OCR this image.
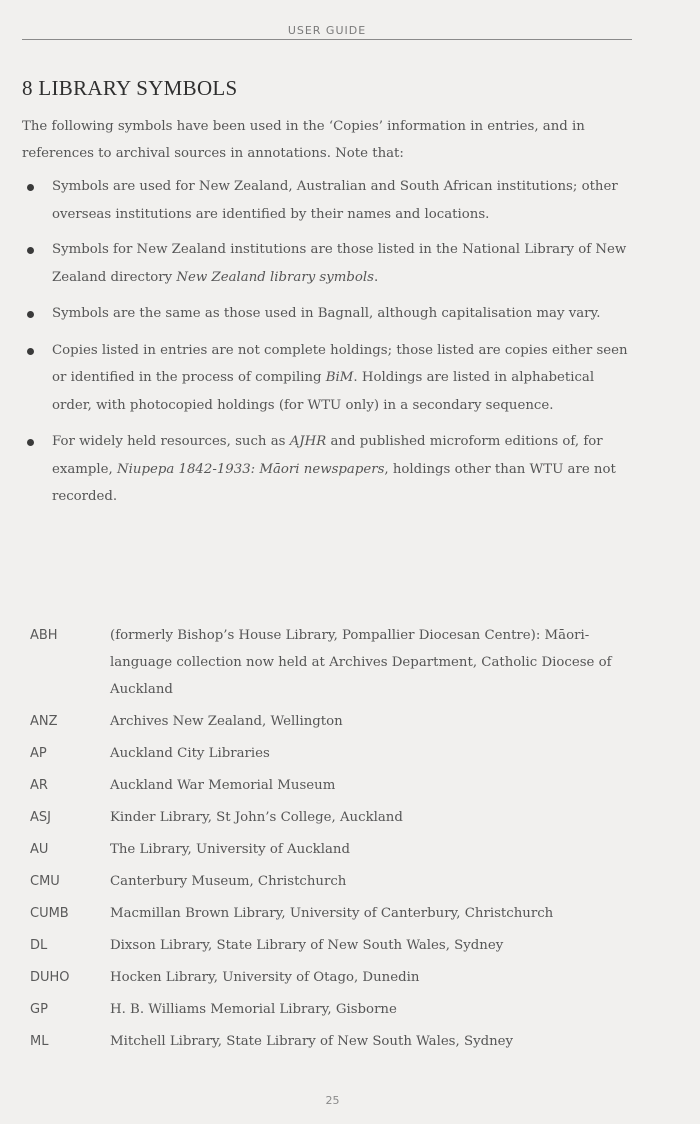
USER GUIDE
8 LIBRARY SYMBOLS

The following symbols have been used in the ‘Copies’ information in entries, and in references to archival sources in annotations. Note that:

Symbols are used for New Zealand, Australian and South African institutions; other overseas institutions are identified by their names and locations.
Symbols for New Zealand institutions are those listed in the National Library of New Zealand directory New Zealand library symbols.
Symbols are the same as those used in Bagnall, although capitalisation may vary.
Copies listed in entries are not complete holdings; those listed are copies either seen or identified in the process of compiling BiM. Holdings are listed in alphabetical order, with photocopied holdings (for WTU only) in a secondary sequence.
For widely held resources, such as AJHR and published microform editions of, for example, Niupepa 1842-1933: Māori newspapers, holdings other than WTU are not recorded.
ABH	(formerly Bishop’s House Library, Pompallier Diocesan Centre): Māori-language collection now held at Archives Department, Catholic Diocese of Auckland
ANZ	Archives New Zealand, Wellington
AP	Auckland City Libraries
AR	Auckland War Memorial Museum
ASJ	Kinder Library, St John’s College, Auckland
AU	The Library, University of Auckland
CMU	Canterbury Museum, Christchurch
CUMB	Macmillan Brown Library, University of Canterbury, Christchurch
DL	Dixson Library, State Library of New South Wales, Sydney
DUHO	Hocken Library, University of Otago, Dunedin
GP	H. B. Williams Memorial Library, Gisborne
ML	Mitchell Library, State Library of New South Wales, Sydney
25
